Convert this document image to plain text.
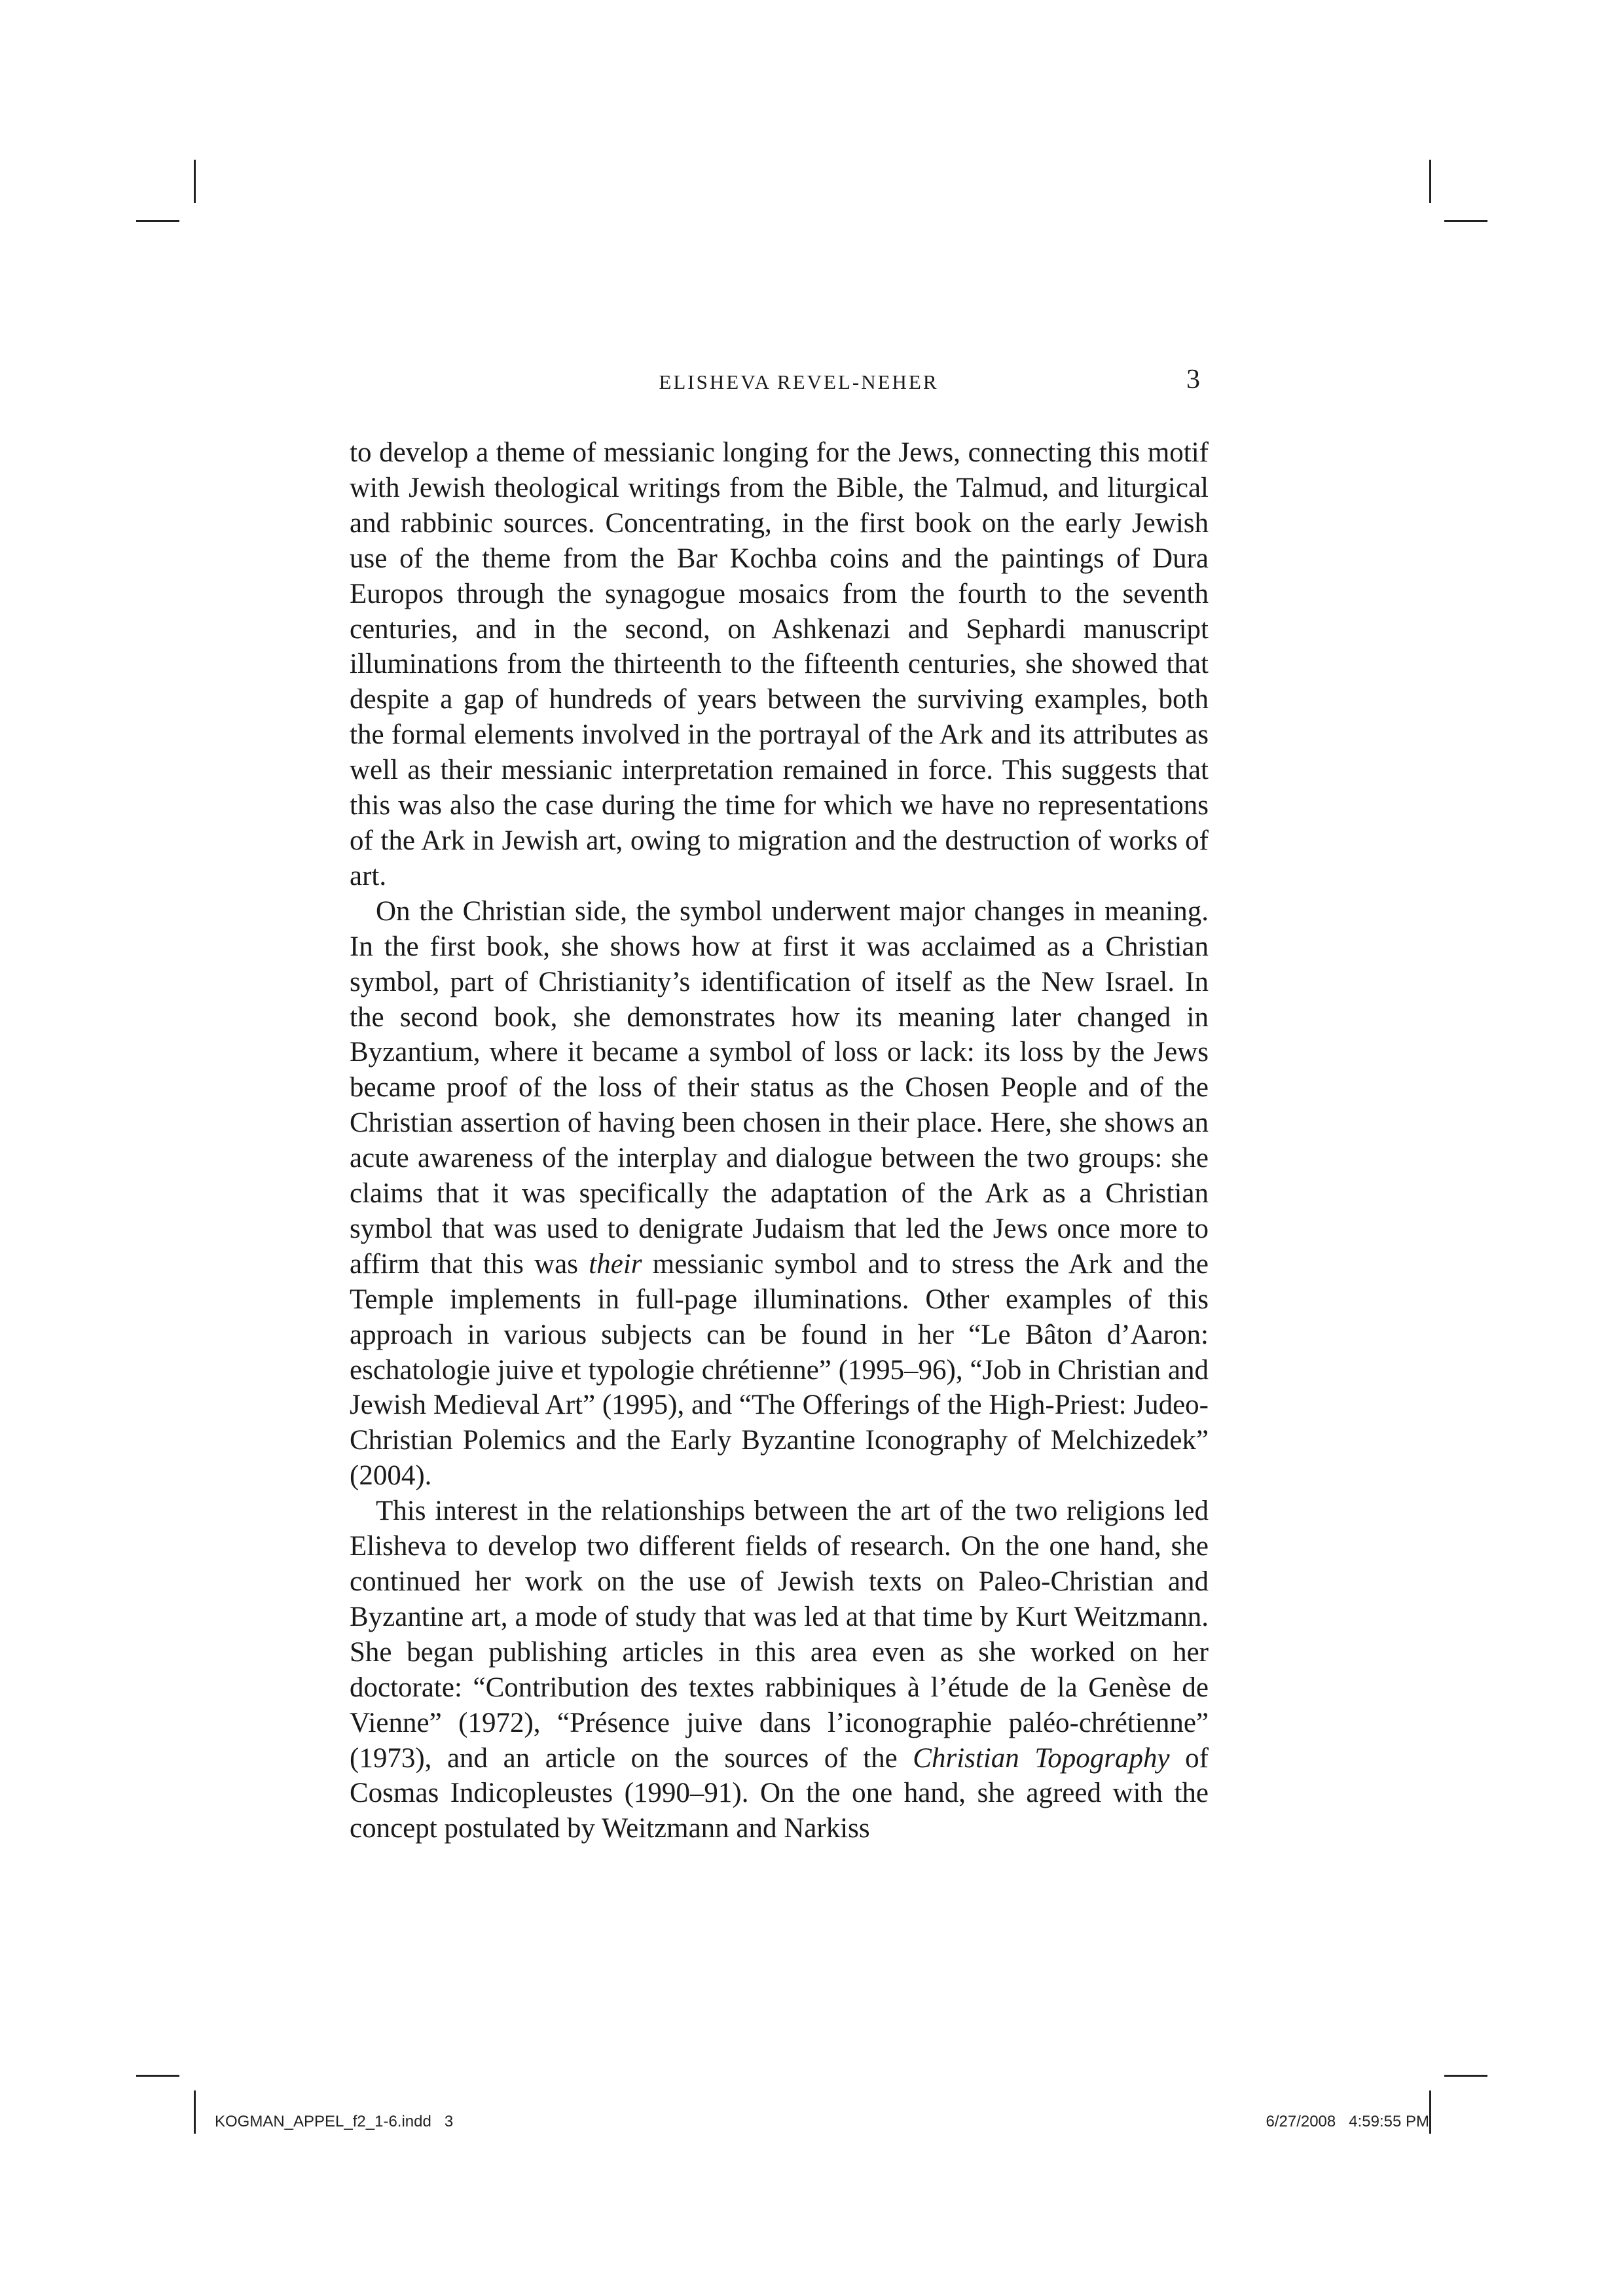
ELISHEVA REVEL-NEHER	3

to develop a theme of messianic longing for the Jews, connecting this motif with Jewish theological writings from the Bible, the Talmud, and liturgical and rabbinic sources. Concentrating, in the first book on the early Jewish use of the theme from the Bar Kochba coins and the paintings of Dura Europos through the synagogue mosaics from the fourth to the seventh centuries, and in the second, on Ashkenazi and Sephardi manuscript illuminations from the thirteenth to the fifteenth centuries, she showed that despite a gap of hundreds of years between the surviving examples, both the formal elements involved in the portrayal of the Ark and its attributes as well as their messianic interpretation remained in force. This suggests that this was also the case during the time for which we have no representations of the Ark in Jewish art, owing to migration and the destruction of works of art.

On the Christian side, the symbol underwent major changes in meaning. In the first book, she shows how at first it was acclaimed as a Christian symbol, part of Christianity’s identification of itself as the New Israel. In the second book, she demonstrates how its meaning later changed in Byzantium, where it became a symbol of loss or lack: its loss by the Jews became proof of the loss of their status as the Chosen People and of the Christian assertion of having been chosen in their place. Here, she shows an acute awareness of the interplay and dialogue between the two groups: she claims that it was specifically the adaptation of the Ark as a Christian symbol that was used to denigrate Judaism that led the Jews once more to affirm that this was their messianic symbol and to stress the Ark and the Temple implements in full-page illuminations. Other examples of this approach in various subjects can be found in her “Le Bâton d’Aaron: eschatologie juive et typologie chrétienne” (1995–96), “Job in Christian and Jewish Medieval Art” (1995), and “The Offerings of the High-Priest: Judeo-Christian Polemics and the Early Byzantine Iconography of Melchizedek” (2004).

This interest in the relationships between the art of the two religions led Elisheva to develop two different fields of research. On the one hand, she continued her work on the use of Jewish texts on Paleo-Christian and Byzantine art, a mode of study that was led at that time by Kurt Weitzmann. She began publishing articles in this area even as she worked on her doctorate: “Contribution des textes rabbiniques à l’étude de la Genèse de Vienne” (1972), “Présence juive dans l’iconographie paléo-chrétienne” (1973), and an article on the sources of the Christian Topography of Cosmas Indicopleustes (1990–91). On the one hand, she agreed with the concept postulated by Weitzmann and Narkiss

KOGMAN_APPEL_f2_1-6.indd   3	6/27/2008   4:59:55 PM
